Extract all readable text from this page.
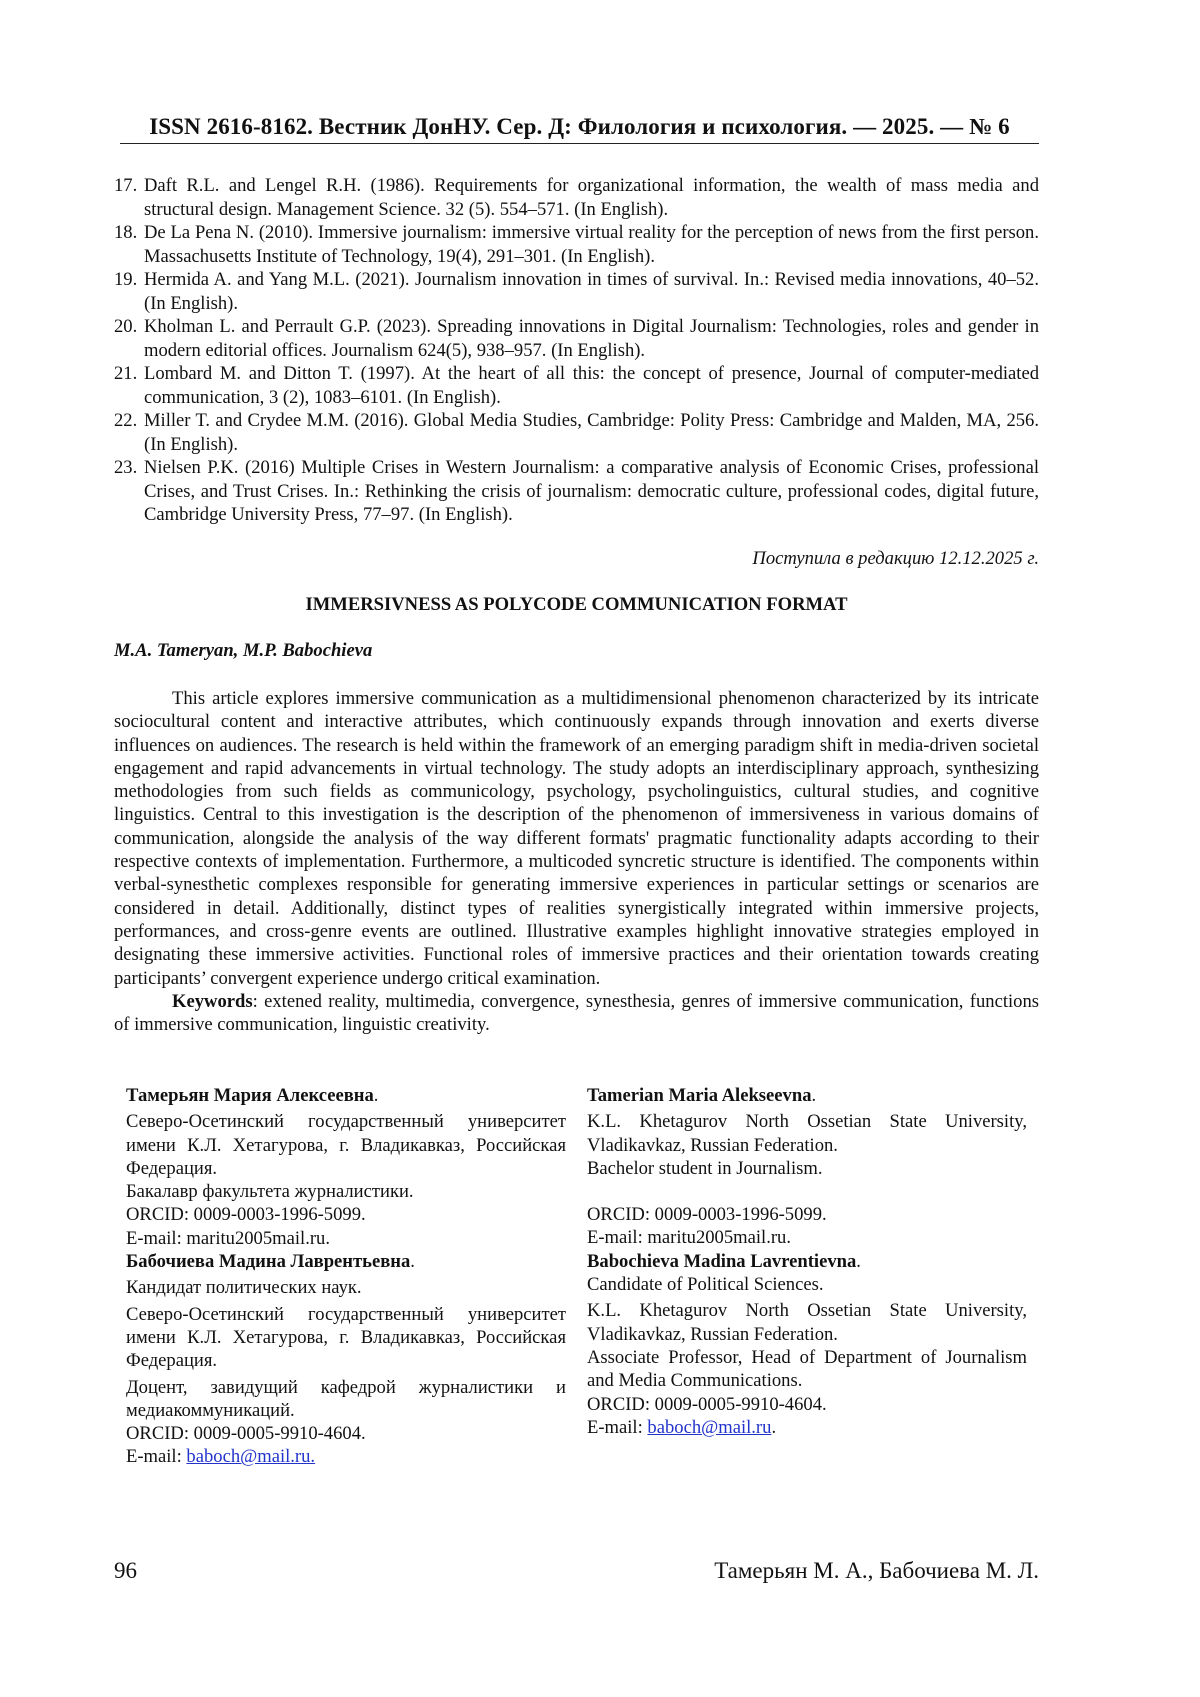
ISSN 2616-8162. Вестник ДонНУ. Сер. Д: Филология и психология. — 2025. — № 6
17. Daft R.L. and Lengel R.H. (1986). Requirements for organizational information, the wealth of mass media and structural design. Management Science. 32 (5). 554–571. (In English).
18. De La Pena N. (2010). Immersive journalism: immersive virtual reality for the perception of news from the first person. Massachusetts Institute of Technology, 19(4), 291–301. (In English).
19. Hermida A. and Yang M.L. (2021). Journalism innovation in times of survival. In.: Revised media innovations, 40–52. (In English).
20. Kholman L. and Perrault G.P. (2023). Spreading innovations in Digital Journalism: Technologies, roles and gender in modern editorial offices. Journalism 624(5), 938–957. (In English).
21. Lombard M. and Ditton T. (1997). At the heart of all this: the concept of presence, Journal of computer-mediated communication, 3 (2), 1083–6101. (In English).
22. Miller T. and Crydee M.M. (2016). Global Media Studies, Cambridge: Polity Press: Cambridge and Malden, MA, 256. (In English).
23. Nielsen P.K. (2016) Multiple Crises in Western Journalism: a comparative analysis of Economic Crises, professional Crises, and Trust Crises. In.: Rethinking the crisis of journalism: democratic culture, professional codes, digital future, Cambridge University Press, 77–97. (In English).
Поступила в редакцию 12.12.2025 г.
IMMERSIVNESS AS POLYCODE COMMUNICATION FORMAT
M.A. Tameryan, M.P. Babochieva

This article explores immersive communication as a multidimensional phenomenon characterized by its intricate sociocultural content and interactive attributes, which continuously expands through innovation and exerts diverse influences on audiences. The research is held within the framework of an emerging paradigm shift in media-driven societal engagement and rapid advancements in virtual technology. The study adopts an interdisciplinary approach, synthesizing methodologies from such fields as communicology, psychology, psycholinguistics, cultural studies, and cognitive linguistics. Central to this investigation is the description of the phenomenon of immersiveness in various domains of communication, alongside the analysis of the way different formats' pragmatic functionality adapts according to their respective contexts of implementation. Furthermore, a multicoded syncretic structure is identified. The components within verbal-synesthetic complexes responsible for generating immersive experiences in particular settings or scenarios are considered in detail. Additionally, distinct types of realities synergistically integrated within immersive projects, performances, and cross-genre events are outlined. Illustrative examples highlight innovative strategies employed in designating these immersive activities. Functional roles of immersive practices and their orientation towards creating participants’ convergent experience undergo critical examination.

Keywords: extened reality, multimedia, convergence, synesthesia, genres of immersive communication, functions of immersive communication, linguistic creativity.

Тамерьян Мария Алексеевна.
Северо-Осетинский государственный университет имени К.Л. Хетагурова, г. Владикавказ, Российская Федерация.
Бакалавр факультета журналистики.
ORCID: 0009-0003-1996-5099.
E-mail: maritu2005mail.ru.
Бабочиева Мадина Лаврентьевна.
Кандидат политических наук.
Северо-Осетинский государственный университет имени К.Л. Хетагурова, г. Владикавказ, Российская Федерация.
Доцент, завидущий кафедрой журналистики и медиакоммуникаций.
ORCID: 0009-0005-9910-4604.
E-mail: baboch@mail.ru.
Tamerian Maria Alekseevna.
K.L. Khetagurov North Ossetian State University, Vladikavkaz, Russian Federation.
Bachelor student in Journalism.
ORCID: 0009-0003-1996-5099.
E-mail: maritu2005mail.ru.
Babochieva Madina Lavrentievna.
Candidate of Political Sciences.
K.L. Khetagurov North Ossetian State University, Vladikavkaz, Russian Federation.
Associate Professor, Head of Department of Journalism and Media Communications.
ORCID: 0009-0005-9910-4604.
E-mail: baboch@mail.ru.
96	Тамерьян М. А., Бабочиева М. Л.
